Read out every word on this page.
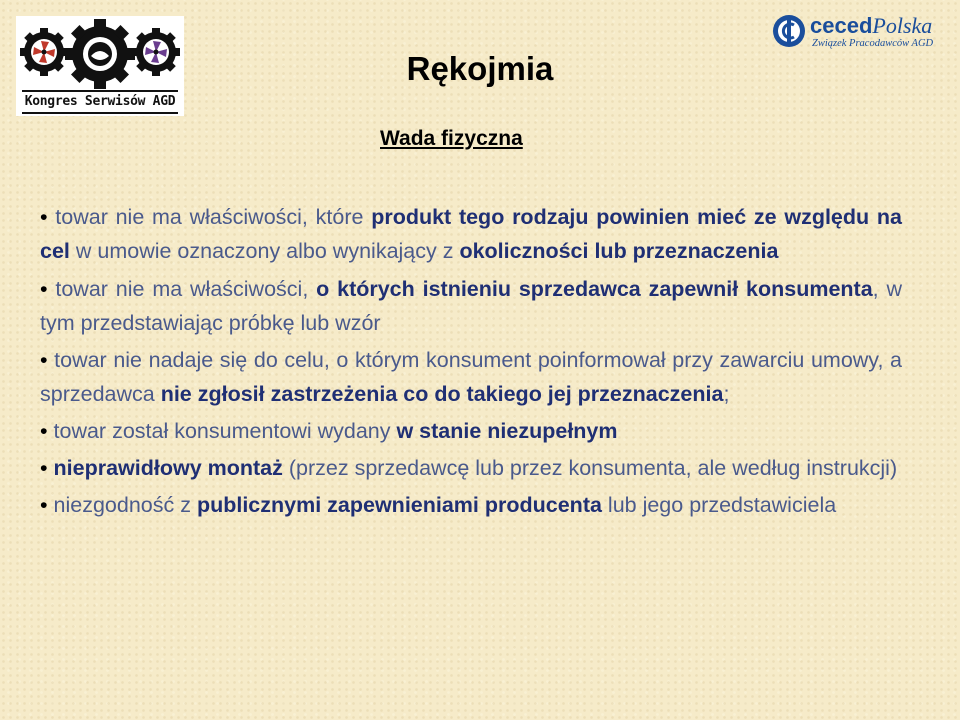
Kongres Serwisów AGD
cecedPolska
Związek Pracodawców AGD
Rękojmia
Wada fizyczna
• towar nie ma właściwości, które produkt tego rodzaju powinien mieć ze względu na cel w umowie oznaczony albo wynikający z okoliczności lub przeznaczenia
• towar nie ma właściwości, o których istnieniu sprzedawca zapewnił konsumenta, w tym przedstawiając próbkę lub wzór
• towar nie nadaje się do celu, o którym konsument poinformował przy zawarciu umowy, a sprzedawca nie zgłosił zastrzeżenia co do takiego jej przeznaczenia;
• towar został konsumentowi wydany w stanie niezupełnym
• nieprawidłowy montaż (przez sprzedawcę lub przez konsumenta, ale według instrukcji)
• niezgodność z publicznymi zapewnieniami producenta lub jego przedstawiciela
